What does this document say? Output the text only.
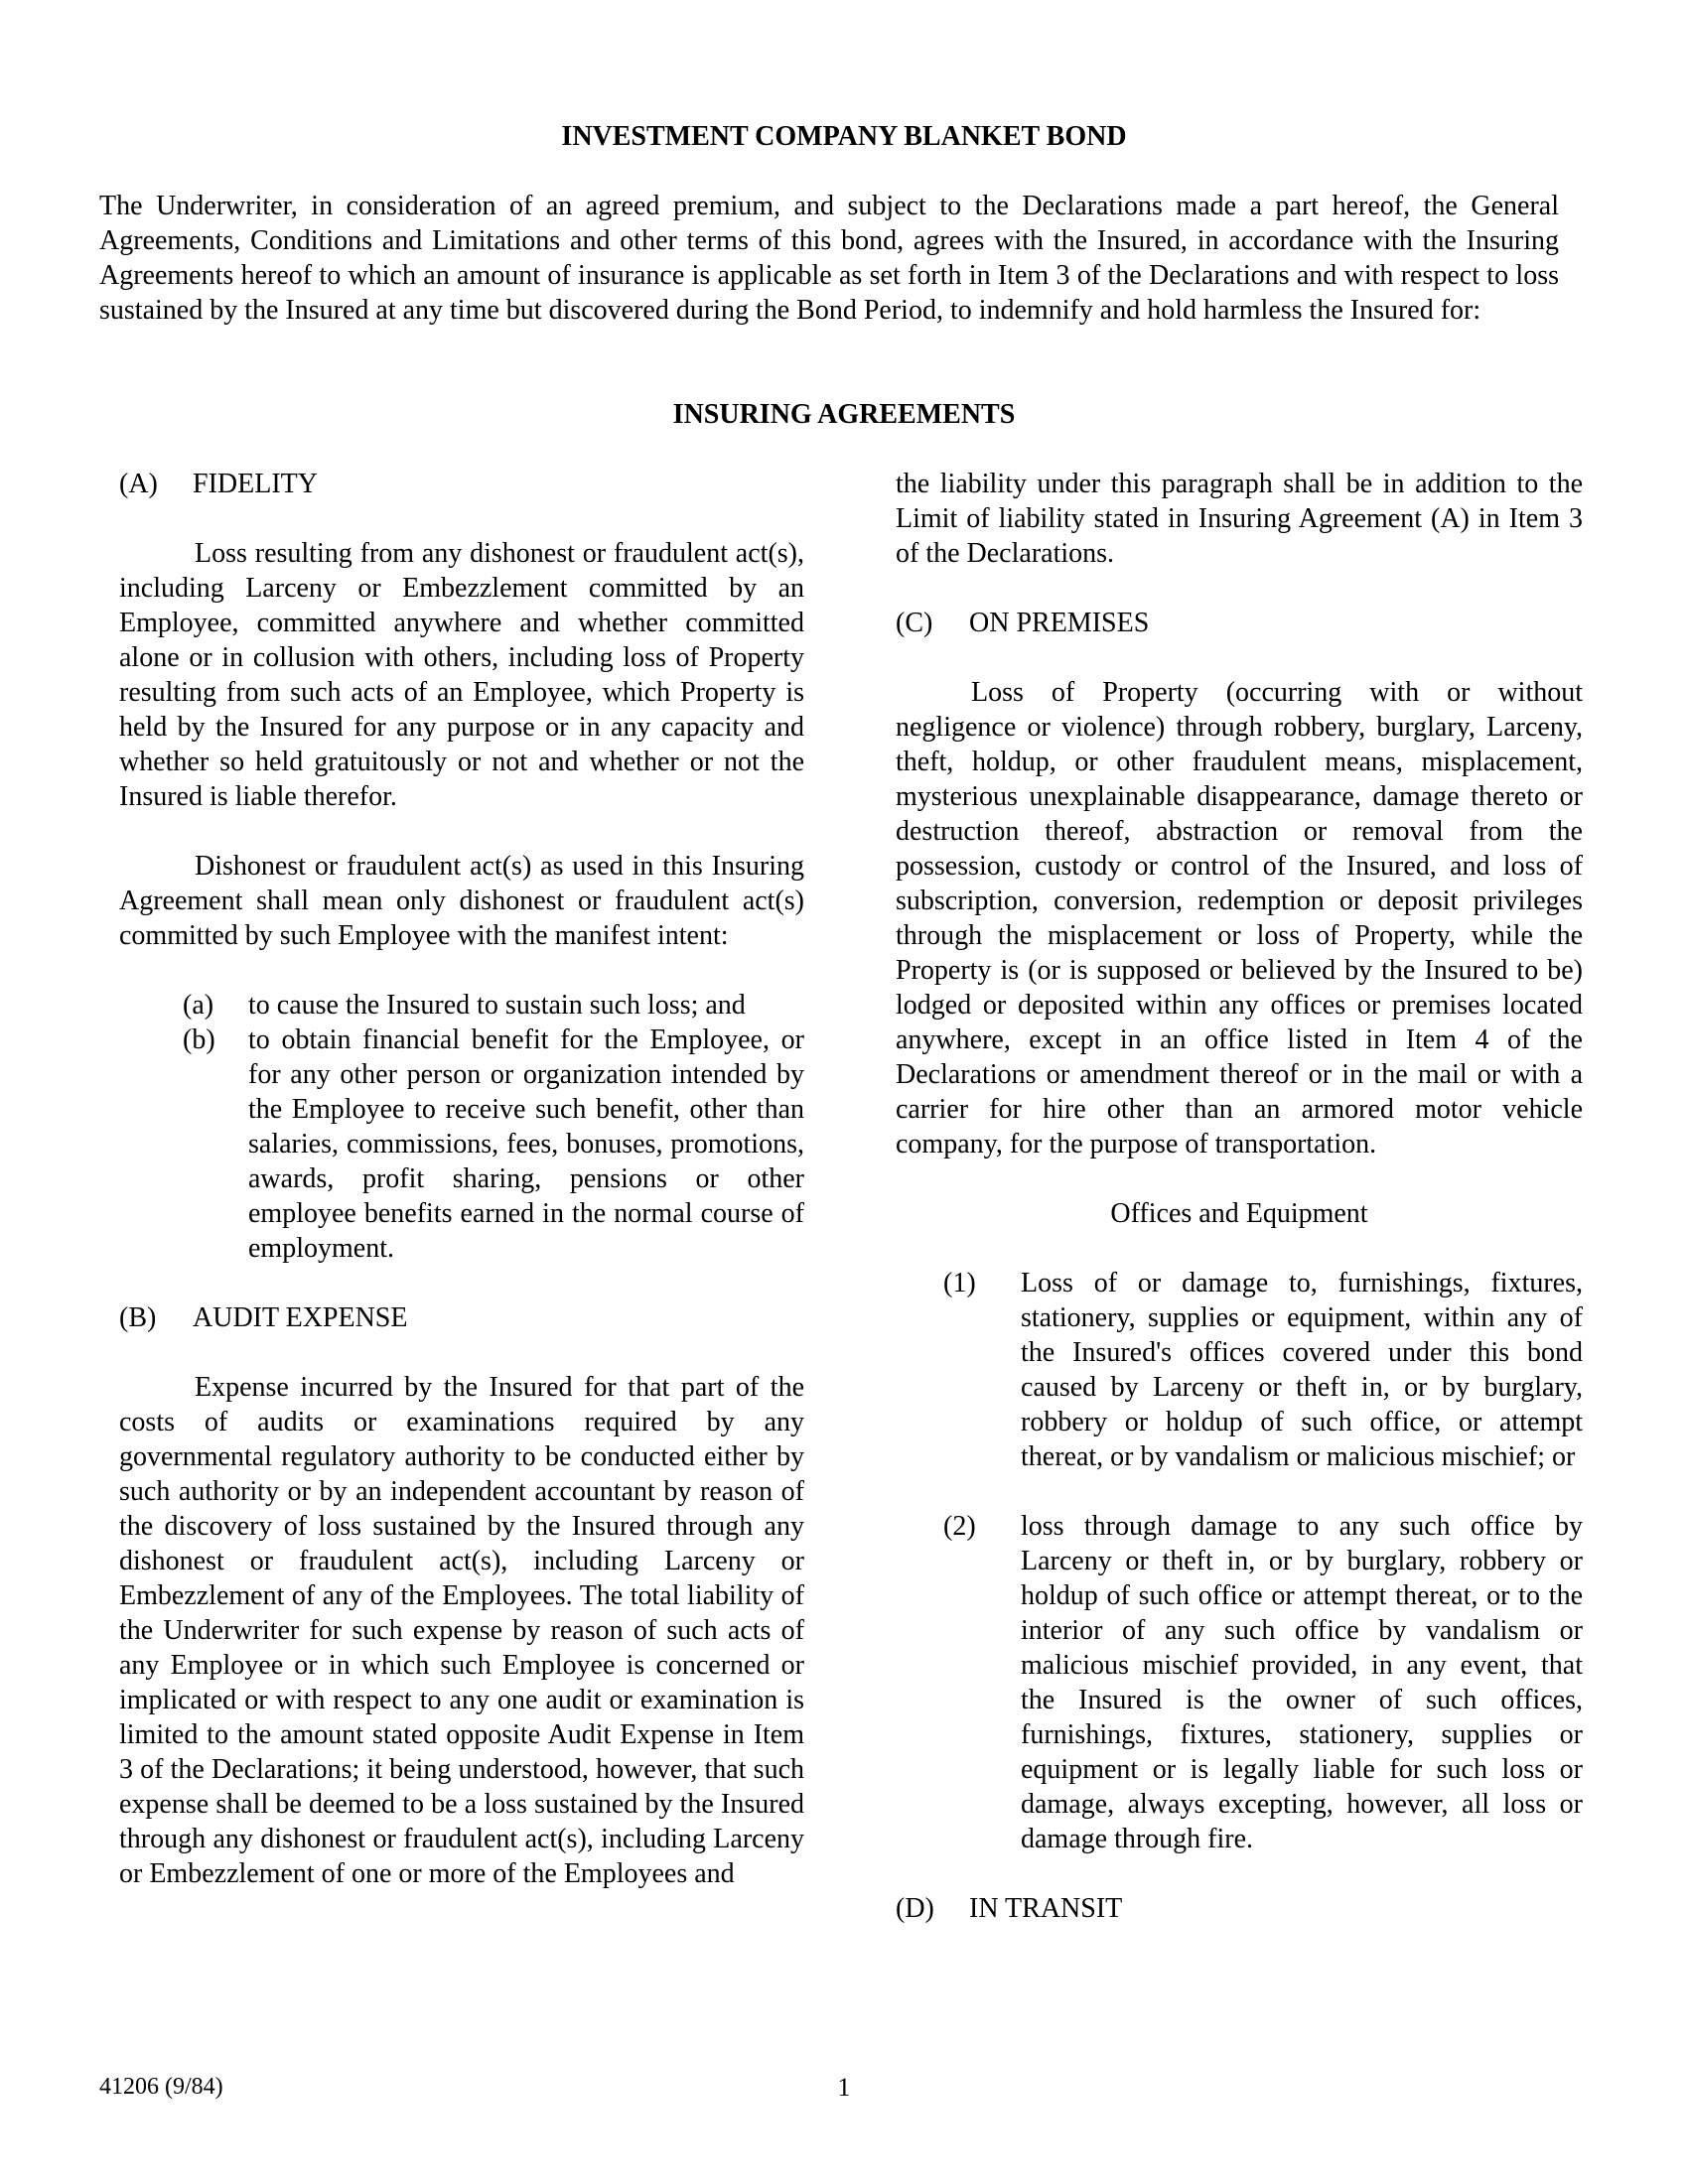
INVESTMENT COMPANY BLANKET BOND

The Underwriter, in consideration of an agreed premium, and subject to the Declarations made a part hereof, the General Agreements, Conditions and Limitations and other terms of this bond, agrees with the Insured, in accordance with the Insuring Agreements hereof to which an amount of insurance is applicable as set forth in Item 3 of the Declarations and with respect to loss sustained by the Insured at any time but discovered during the Bond Period, to indemnify and hold harmless the Insured for:

INSURING AGREEMENTS

(A) FIDELITY

Loss resulting from any dishonest or fraudulent act(s), including Larceny or Embezzlement committed by an Employee, committed anywhere and whether committed alone or in collusion with others, including loss of Property resulting from such acts of an Employee, which Property is held by the Insured for any purpose or in any capacity and whether so held gratuitously or not and whether or not the Insured is liable therefor.

Dishonest or fraudulent act(s) as used in this Insuring Agreement shall mean only dishonest or fraudulent act(s) committed by such Employee with the manifest intent:

(a) to cause the Insured to sustain such loss; and

(b) to obtain financial benefit for the Employee, or for any other person or organization intended by the Employee to receive such benefit, other than salaries, commissions, fees, bonuses, promotions, awards, profit sharing, pensions or other employee benefits earned in the normal course of employment.

(B) AUDIT EXPENSE

Expense incurred by the Insured for that part of the costs of audits or examinations required by any governmental regulatory authority to be conducted either by such authority or by an independent accountant by reason of the discovery of loss sustained by the Insured through any dishonest or fraudulent act(s), including Larceny or Embezzlement of any of the Employees. The total liability of the Underwriter for such expense by reason of such acts of any Employee or in which such Employee is concerned or implicated or with respect to any one audit or examination is limited to the amount stated opposite Audit Expense in Item 3 of the Declarations; it being understood, however, that such expense shall be deemed to be a loss sustained by the Insured through any dishonest or fraudulent act(s), including Larceny or Embezzlement of one or more of the Employees and

the liability under this paragraph shall be in addition to the Limit of liability stated in Insuring Agreement (A) in Item 3 of the Declarations.

(C) ON PREMISES

Loss of Property (occurring with or without negligence or violence) through robbery, burglary, Larceny, theft, holdup, or other fraudulent means, misplacement, mysterious unexplainable disappearance, damage thereto or destruction thereof, abstraction or removal from the possession, custody or control of the Insured, and loss of subscription, conversion, redemption or deposit privileges through the misplacement or loss of Property, while the Property is (or is supposed or believed by the Insured to be) lodged or deposited within any offices or premises located anywhere, except in an office listed in Item 4 of the Declarations or amendment thereof or in the mail or with a carrier for hire other than an armored motor vehicle company, for the purpose of transportation.

Offices and Equipment

(1) Loss of or damage to, furnishings, fixtures, stationery, supplies or equipment, within any of the Insured's offices covered under this bond caused by Larceny or theft in, or by burglary, robbery or holdup of such office, or attempt thereat, or by vandalism or malicious mischief; or

(2) loss through damage to any such office by Larceny or theft in, or by burglary, robbery or holdup of such office or attempt thereat, or to the interior of any such office by vandalism or malicious mischief provided, in any event, that the Insured is the owner of such offices, furnishings, fixtures, stationery, supplies or equipment or is legally liable for such loss or damage, always excepting, however, all loss or damage through fire.

(D) IN TRANSIT

41206 (9/84)	1
